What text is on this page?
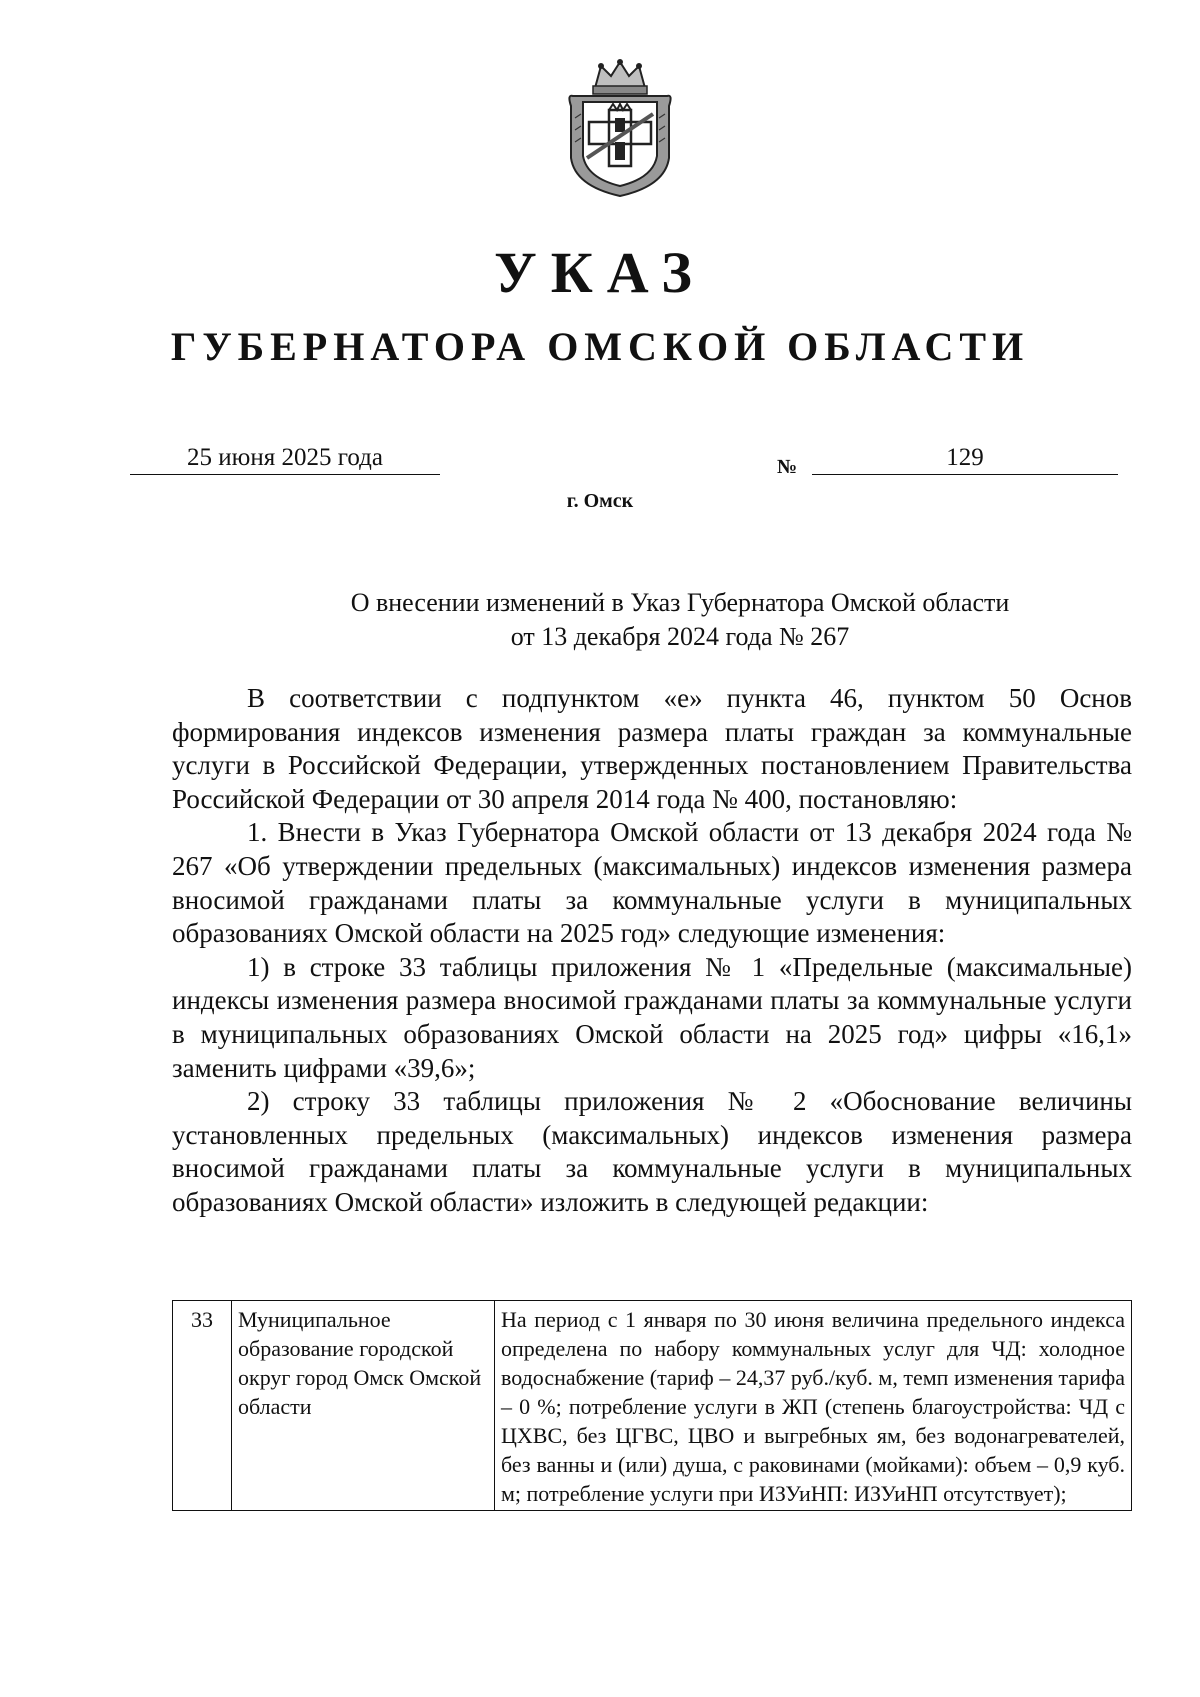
УКАЗ
ГУБЕРНАТОРА ОМСКОЙ ОБЛАСТИ
25 июня 2025 года	№	129
г. Омск
О внесении изменений в Указ Губернатора Омской области
от 13 декабря 2024 года № 267

В соответствии с подпунктом «е» пункта 46, пунктом 50 Основ формирования индексов изменения размера платы граждан за коммунальные услуги в Российской Федерации, утвержденных постановлением Правительства Российской Федерации от 30 апреля 2014 года № 400, постановляю:

1. Внести в Указ Губернатора Омской области от 13 декабря 2024 года № 267 «Об утверждении предельных (максимальных) индексов изменения размера вносимой гражданами платы за коммунальные услуги в муниципальных образованиях Омской области на 2025 год» следующие изменения:

1) в строке 33 таблицы приложения № 1 «Предельные (максимальные) индексы изменения размера вносимой гражданами платы за коммунальные услуги в муниципальных образованиях Омской области на 2025 год» цифры «16,1» заменить цифрами «39,6»;

2) строку 33 таблицы приложения № 2 «Обоснование величины установленных предельных (максимальных) индексов изменения размера вносимой гражданами платы за коммунальные услуги в муниципальных образованиях Омской области» изложить в следующей редакции:

33	Муниципальное образование городской округ город Омск Омской области	На период с 1 января по 30 июня величина предельного индекса определена по набору коммунальных услуг для ЧД: холодное водоснабжение (тариф – 24,37 руб./куб. м, темп изменения тарифа – 0 %; потребление услуги в ЖП (степень благоустройства: ЧД с ЦХВС, без ЦГВС, ЦВО и выгребных ям, без водонагревателей, без ванны и (или) душа, с раковинами (мойками): объем – 0,9 куб. м; потребление услуги при ИЗУиНП: ИЗУиНП отсутствует);
